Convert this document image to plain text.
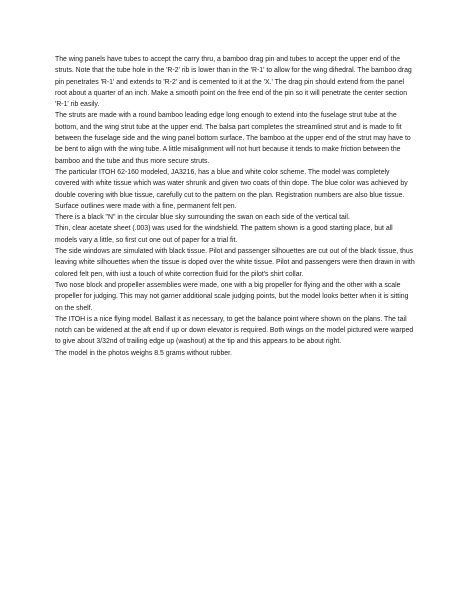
The wing panels have tubes to accept the carry thru, a bamboo drag pin and tubes to accept the upper end of the struts. Note that the tube hole in the 'R-2' rib is lower than in the 'R-1' to allow for the wing dihedral. The bamboo drag pin penetrates 'R-1' and extends to 'R-2' and is cemented to it at the 'X.' The drag pin should extend from the panel root about a quarter of an inch. Make a smooth point on the free end of the pin so it will penetrate the center section 'R-1' rib easily.

The struts are made with a round bamboo leading edge long enough to extend into the fuselage strut tube at the bottom, and the wing strut tube at the upper end. The balsa part completes the streamlined strut and is made to fit between the fuselage side and the wing panel bottom surface. The bamboo at the upper end of the strut may have to be bent to align with the wing tube. A little misalignment will not hurt because it tends to make friction between the bamboo and the tube and thus more secure struts.

The particular ITOH 62-160 modeled, JA3216, has a blue and white color scheme. The model was completely covered with white tissue which was water shrunk and given two coats of thin dope. The blue color was achieved by double covering with blue tissue, carefully cut to the pattern on the plan. Registration numbers are also blue tissue. Surface outlines were made with a fine, permanent felt pen.

There is a black "N" in the circular blue sky surrounding the swan on each side of the vertical tail.

Thin, clear acetate sheet (.003) was used for the windshield. The pattern shown is a good starting place, but all models vary a little, so first cut one out of paper for a trial fit.

The side windows are simulated with black tissue. Pilot and passenger silhouettes are cut out of the black tissue, thus leaving white silhouettes when the tissue is doped over the white tissue. Pilot and passengers were then drawn in with colored felt pen, with iust a touch of white correction fluid for the pilot's shirt collar.

Two nose block and propeller assemblies were made, one with a big propeller for flying and the other with a scale propeller for judging. This may not garner additional scale judging points, but the model looks better when it is sitting on the shelf.

The ITOH is a nice flying model. Ballast it as necessary, to get the balance point where shown on the plans. The tail notch can be widened at the aft end if up or down elevator is required. Both wings on the model pictured were warped to give about 3/32nd of trailing edge up (washout) at the tip and this appears to be about right.

The model in the photos weighs 8.5 grams without rubber.
